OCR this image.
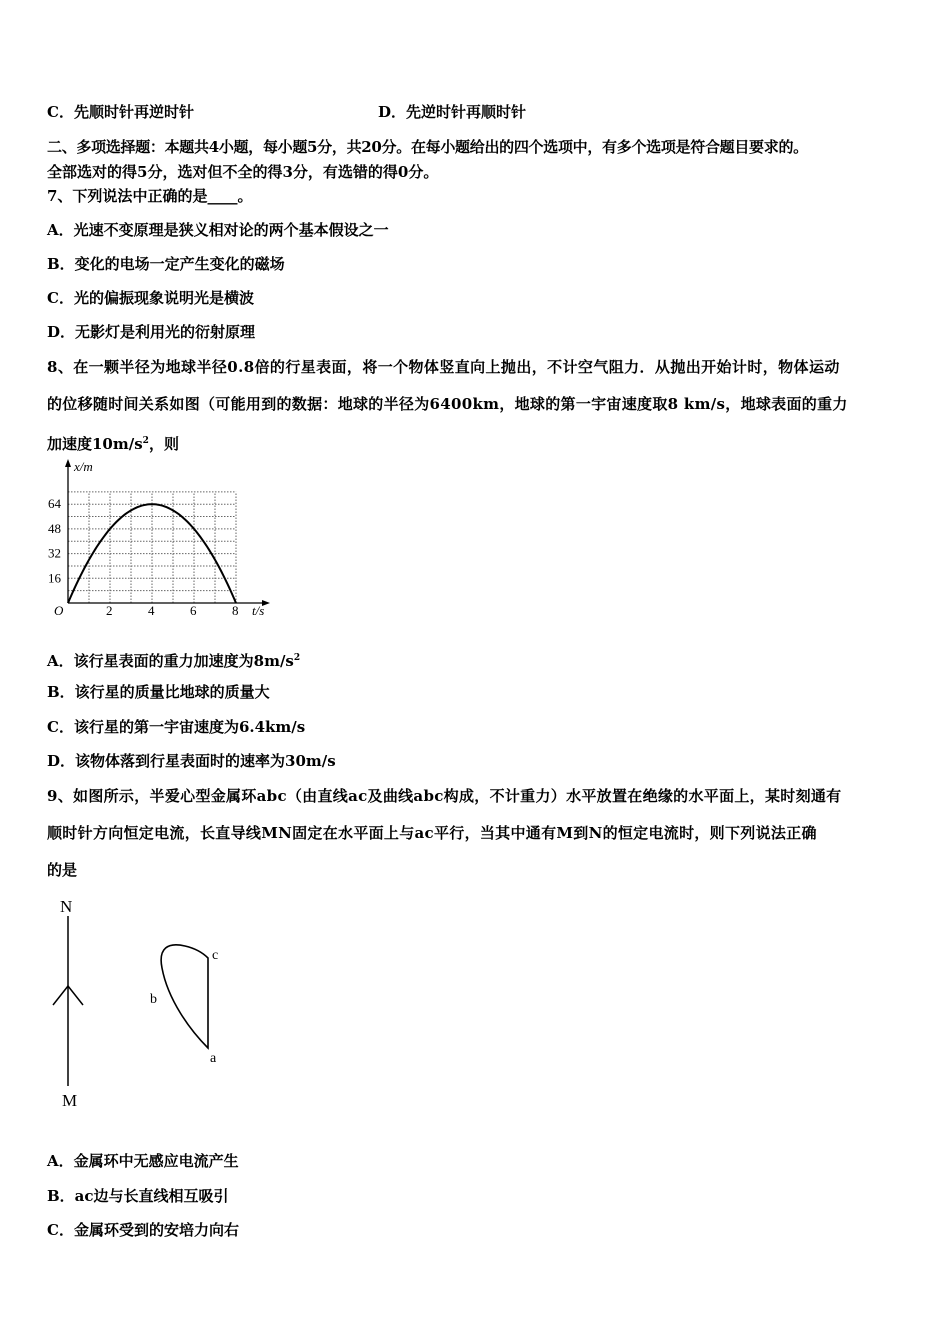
C．先顺时针再逆时针	D．先逆时针再顺时针
二、多项选择题：本题共4小题，每小题5分，共20分。在每小题给出的四个选项中，有多个选项是符合题目要求的。
全部选对的得5分，选对但不全的得3分，有选错的得0分。
7、下列说法中正确的是____。
A．光速不变原理是狭义相对论的两个基本假设之一
B．变化的电场一定产生变化的磁场
C．光的偏振现象说明光是横波
D．无影灯是利用光的衍射原理
8、在一颗半径为地球半径0.8倍的行星表面，将一个物体竖直向上抛出，不计空气阻力．从抛出开始计时，物体运动
的位移随时间关系如图（可能用到的数据：地球的半径为6400km，地球的第一宇宙速度取8 km/s，地球表面的重力
加速度$10m/s^2$，则
2	4	6	8
16
32
48
64
x/m
t/s
O
A．该行星表面的重力加速度为$8m/s^2$
B．该行星的质量比地球的质量大
C．该行星的第一宇宙速度为6.4km/s
D．该物体落到行星表面时的速率为30m/s
9、如图所示，半爱心型金属环abc（由直线ac及曲线abc构成，不计重力）水平放置在绝缘的水平面上，某时刻通有
顺时针方向恒定电流，长直导线MN固定在水平面上与ac平行，当其中通有M到N的恒定电流时，则下列说法正确
的是
N
M
c
b
a
A．金属环中无感应电流产生
B．ac边与长直线相互吸引
C．金属环受到的安培力向右
